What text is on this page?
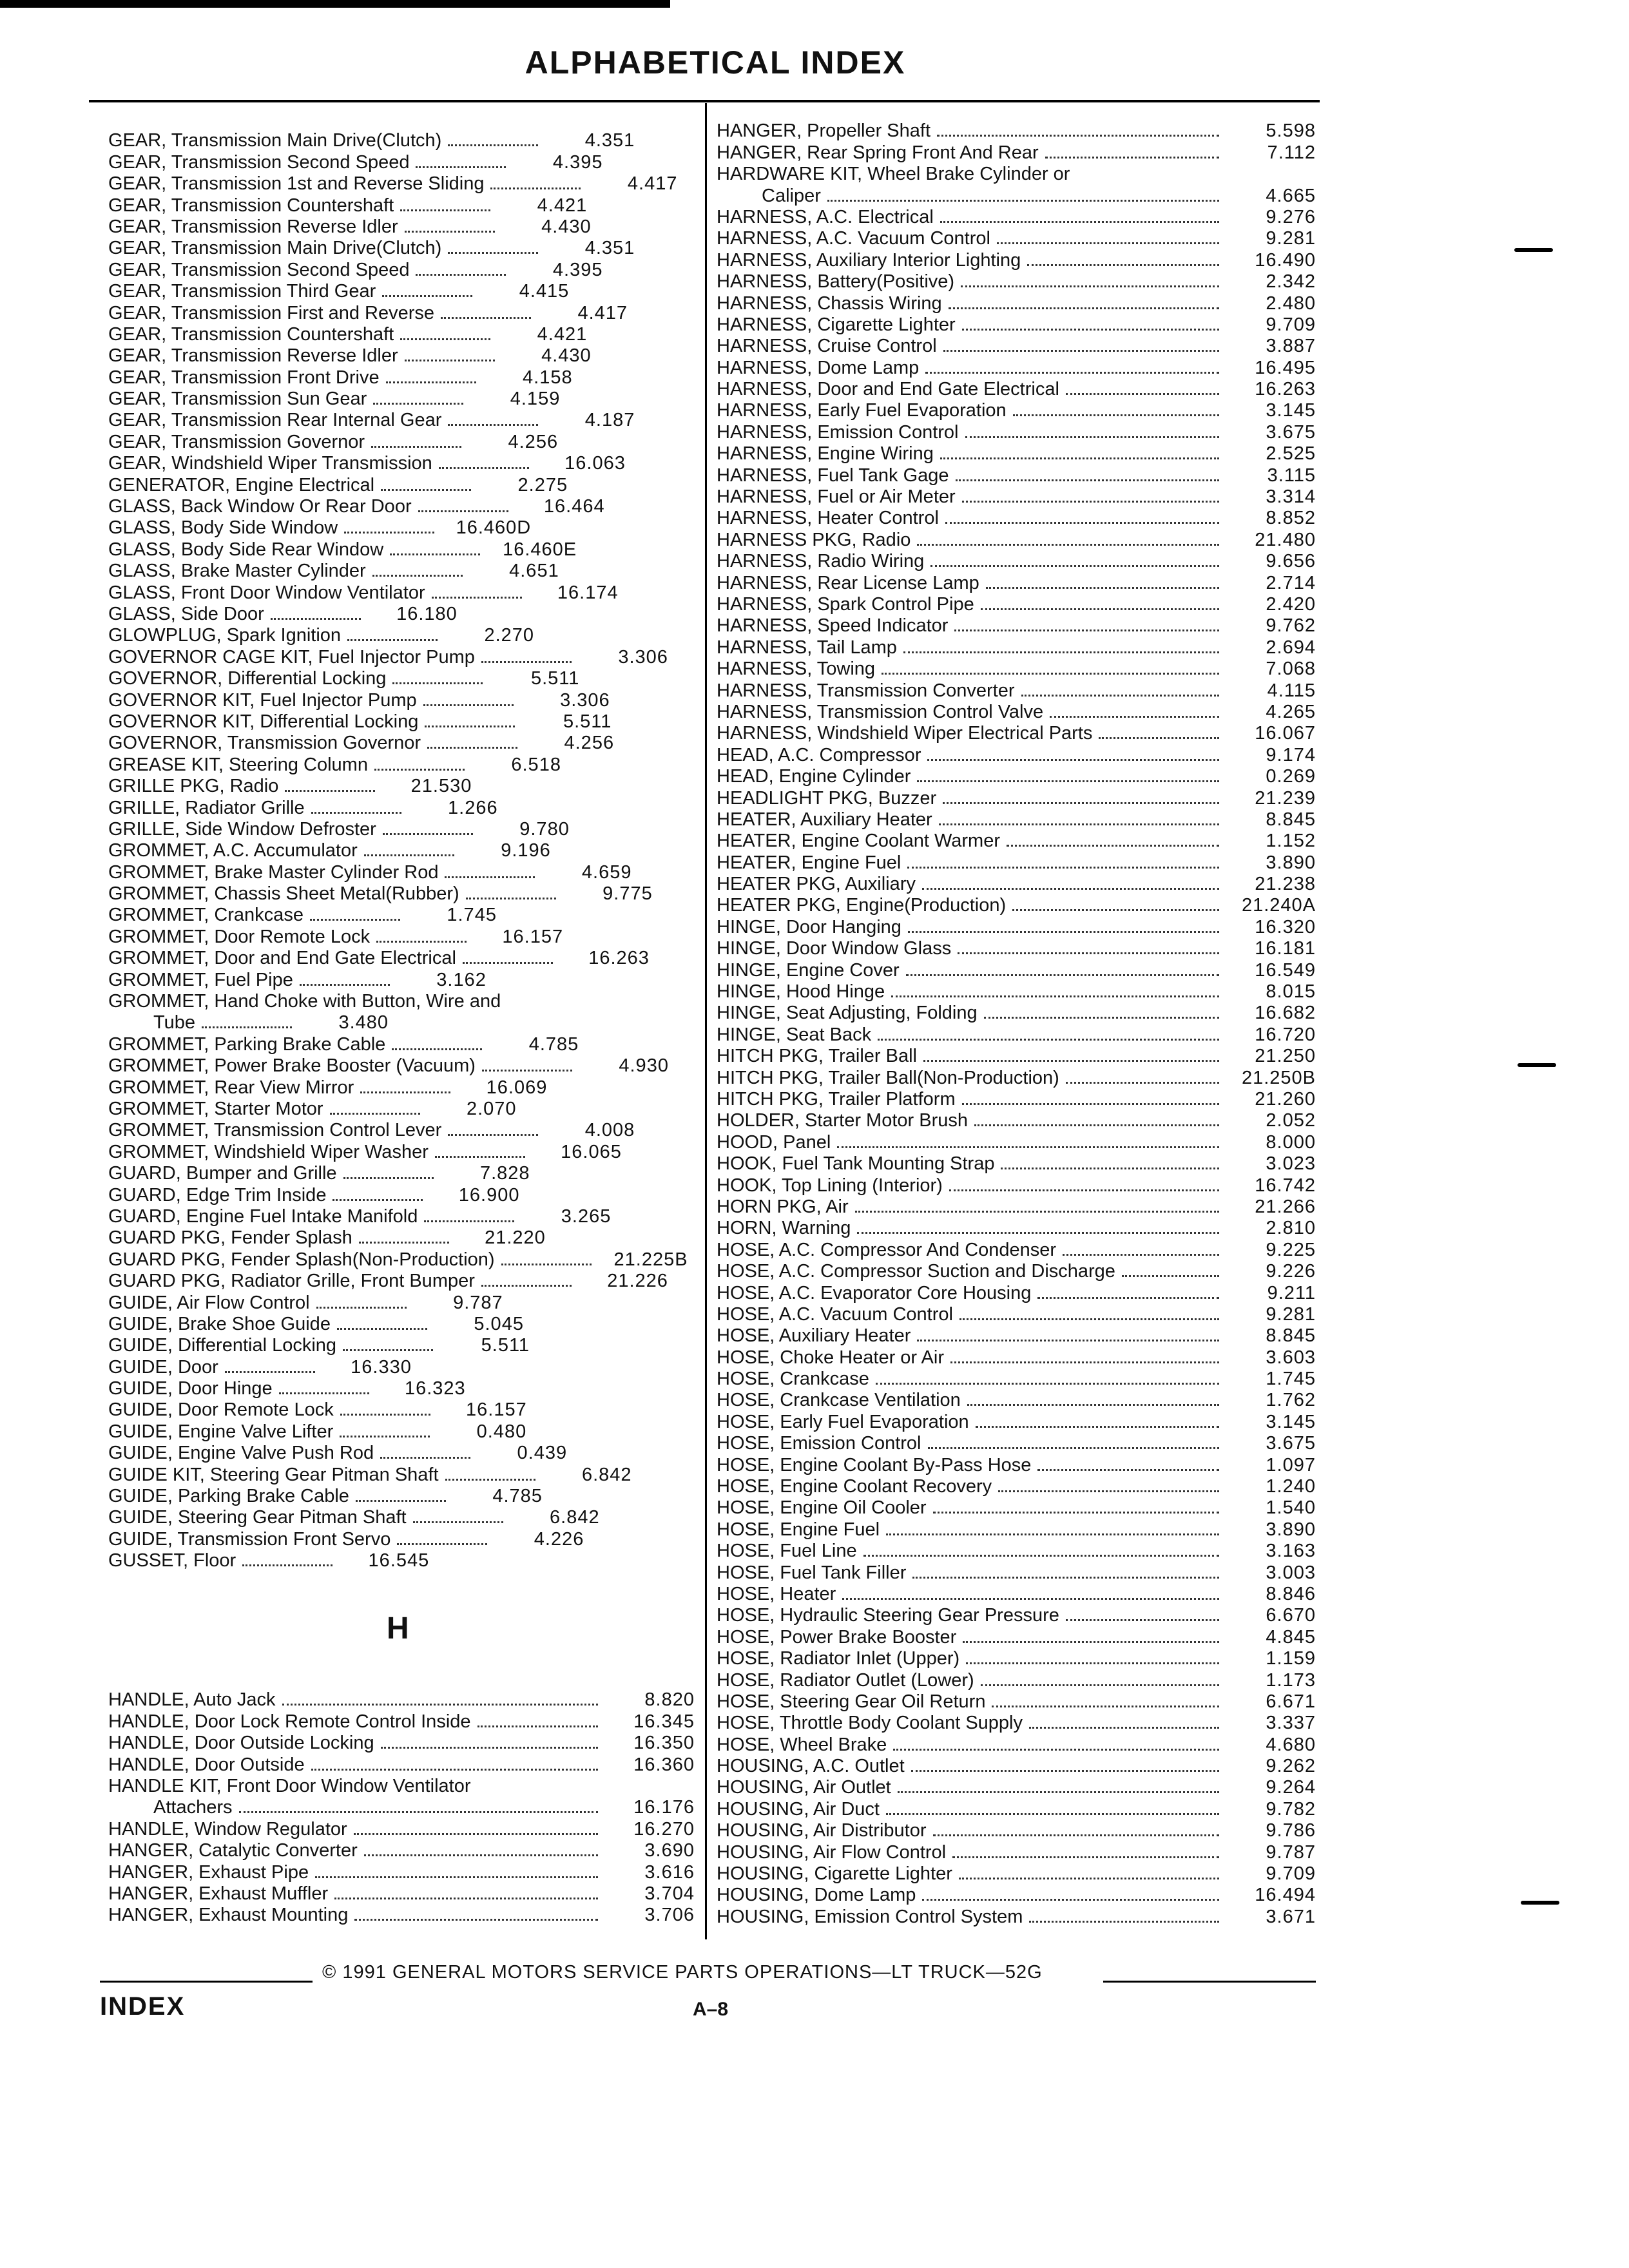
ALPHABETICAL INDEX
GEAR, Transmission Main Drive(Clutch)	4.351
GEAR, Transmission Second Speed	4.395
GEAR, Transmission 1st and Reverse Sliding	4.417
GEAR, Transmission Countershaft	4.421
GEAR, Transmission Reverse Idler	4.430
GEAR, Transmission Main Drive(Clutch)	4.351
GEAR, Transmission Second Speed	4.395
GEAR, Transmission Third Gear	4.415
GEAR, Transmission First and Reverse	4.417
GEAR, Transmission Countershaft	4.421
GEAR, Transmission Reverse Idler	4.430
GEAR, Transmission Front Drive	4.158
GEAR, Transmission Sun Gear	4.159
GEAR, Transmission Rear Internal Gear	4.187
GEAR, Transmission Governor	4.256
GEAR, Windshield Wiper Transmission	16.063
GENERATOR, Engine Electrical	2.275
GLASS, Back Window Or Rear Door	16.464
GLASS, Body Side Window	16.460D
GLASS, Body Side Rear Window	16.460E
GLASS, Brake Master Cylinder	4.651
GLASS, Front Door Window Ventilator	16.174
GLASS, Side Door	16.180
GLOWPLUG, Spark Ignition	2.270
GOVERNOR CAGE KIT, Fuel Injector Pump	3.306
GOVERNOR, Differential Locking	5.511
GOVERNOR KIT, Fuel Injector Pump	3.306
GOVERNOR KIT, Differential Locking	5.511
GOVERNOR, Transmission Governor	4.256
GREASE KIT, Steering Column	6.518
GRILLE PKG, Radio	21.530
GRILLE, Radiator Grille	1.266
GRILLE, Side Window Defroster	9.780
GROMMET, A.C. Accumulator	9.196
GROMMET, Brake Master Cylinder Rod	4.659
GROMMET, Chassis Sheet Metal(Rubber)	9.775
GROMMET, Crankcase	1.745
GROMMET, Door Remote Lock	16.157
GROMMET, Door and End Gate Electrical	16.263
GROMMET, Fuel Pipe	3.162
GROMMET, Hand Choke with Button, Wire and
Tube	3.480
GROMMET, Parking Brake Cable	4.785
GROMMET, Power Brake Booster (Vacuum)	4.930
GROMMET, Rear View Mirror	16.069
GROMMET, Starter Motor	2.070
GROMMET, Transmission Control Lever	4.008
GROMMET, Windshield Wiper Washer	16.065
GUARD, Bumper and Grille	7.828
GUARD, Edge Trim Inside	16.900
GUARD, Engine Fuel Intake Manifold	3.265
GUARD PKG, Fender Splash	21.220
GUARD PKG, Fender Splash(Non-Production)	21.225B
GUARD PKG, Radiator Grille, Front Bumper	21.226
GUIDE, Air Flow Control	9.787
GUIDE, Brake Shoe Guide	5.045
GUIDE, Differential Locking	5.511
GUIDE, Door	16.330
GUIDE, Door Hinge	16.323
GUIDE, Door Remote Lock	16.157
GUIDE, Engine Valve Lifter	0.480
GUIDE, Engine Valve Push Rod	0.439
GUIDE KIT, Steering Gear Pitman Shaft	6.842
GUIDE, Parking Brake Cable	4.785
GUIDE, Steering Gear Pitman Shaft	6.842
GUIDE, Transmission Front Servo	4.226
GUSSET, Floor	16.545
H
HANDLE, Auto Jack	8.820
HANDLE, Door Lock Remote Control Inside	16.345
HANDLE, Door Outside Locking	16.350
HANDLE, Door Outside	16.360
HANDLE KIT, Front Door Window Ventilator
Attachers	16.176
HANDLE, Window Regulator	16.270
HANGER, Catalytic Converter	3.690
HANGER, Exhaust Pipe	3.616
HANGER, Exhaust Muffler	3.704
HANGER, Exhaust Mounting	3.706
HANGER, Propeller Shaft	5.598
HANGER, Rear Spring Front And Rear	7.112
HARDWARE KIT, Wheel Brake Cylinder or
Caliper	4.665
HARNESS, A.C. Electrical	9.276
HARNESS, A.C. Vacuum Control	9.281
HARNESS, Auxiliary Interior Lighting	16.490
HARNESS, Battery(Positive)	2.342
HARNESS, Chassis Wiring	2.480
HARNESS, Cigarette Lighter	9.709
HARNESS, Cruise Control	3.887
HARNESS, Dome Lamp	16.495
HARNESS, Door and End Gate Electrical	16.263
HARNESS, Early Fuel Evaporation	3.145
HARNESS, Emission Control	3.675
HARNESS, Engine Wiring	2.525
HARNESS, Fuel Tank Gage	3.115
HARNESS, Fuel or Air Meter	3.314
HARNESS, Heater Control	8.852
HARNESS PKG, Radio	21.480
HARNESS, Radio Wiring	9.656
HARNESS, Rear License Lamp	2.714
HARNESS, Spark Control Pipe	2.420
HARNESS, Speed Indicator	9.762
HARNESS, Tail Lamp	2.694
HARNESS, Towing	7.068
HARNESS, Transmission Converter	4.115
HARNESS, Transmission Control Valve	4.265
HARNESS, Windshield Wiper Electrical Parts	16.067
HEAD, A.C. Compressor	9.174
HEAD, Engine Cylinder	0.269
HEADLIGHT PKG, Buzzer	21.239
HEATER, Auxiliary Heater	8.845
HEATER, Engine Coolant Warmer	1.152
HEATER, Engine Fuel	3.890
HEATER PKG, Auxiliary	21.238
HEATER PKG, Engine(Production)	21.240A
HINGE, Door Hanging	16.320
HINGE, Door Window Glass	16.181
HINGE, Engine Cover	16.549
HINGE, Hood Hinge	8.015
HINGE, Seat Adjusting, Folding	16.682
HINGE, Seat Back	16.720
HITCH PKG, Trailer Ball	21.250
HITCH PKG, Trailer Ball(Non-Production)	21.250B
HITCH PKG, Trailer Platform	21.260
HOLDER, Starter Motor Brush	2.052
HOOD, Panel	8.000
HOOK, Fuel Tank Mounting Strap	3.023
HOOK, Top Lining (Interior)	16.742
HORN PKG, Air	21.266
HORN, Warning	2.810
HOSE, A.C. Compressor And Condenser	9.225
HOSE, A.C. Compressor Suction and Discharge	9.226
HOSE, A.C. Evaporator Core Housing	9.211
HOSE, A.C. Vacuum Control	9.281
HOSE, Auxiliary Heater	8.845
HOSE, Choke Heater or Air	3.603
HOSE, Crankcase	1.745
HOSE, Crankcase Ventilation	1.762
HOSE, Early Fuel Evaporation	3.145
HOSE, Emission Control	3.675
HOSE, Engine Coolant By-Pass Hose	1.097
HOSE, Engine Coolant Recovery	1.240
HOSE, Engine Oil Cooler	1.540
HOSE, Engine Fuel	3.890
HOSE, Fuel Line	3.163
HOSE, Fuel Tank Filler	3.003
HOSE, Heater	8.846
HOSE, Hydraulic Steering Gear Pressure	6.670
HOSE, Power Brake Booster	4.845
HOSE, Radiator Inlet (Upper)	1.159
HOSE, Radiator Outlet (Lower)	1.173
HOSE, Steering Gear Oil Return	6.671
HOSE, Throttle Body Coolant Supply	3.337
HOSE, Wheel Brake	4.680
HOUSING, A.C. Outlet	9.262
HOUSING, Air Outlet	9.264
HOUSING, Air Duct	9.782
HOUSING, Air Distributor	9.786
HOUSING, Air Flow Control	9.787
HOUSING, Cigarette Lighter	9.709
HOUSING, Dome Lamp	16.494
HOUSING, Emission Control System	3.671
© 1991 GENERAL MOTORS SERVICE PARTS OPERATIONS—LT TRUCK—52G
INDEX	A–8
